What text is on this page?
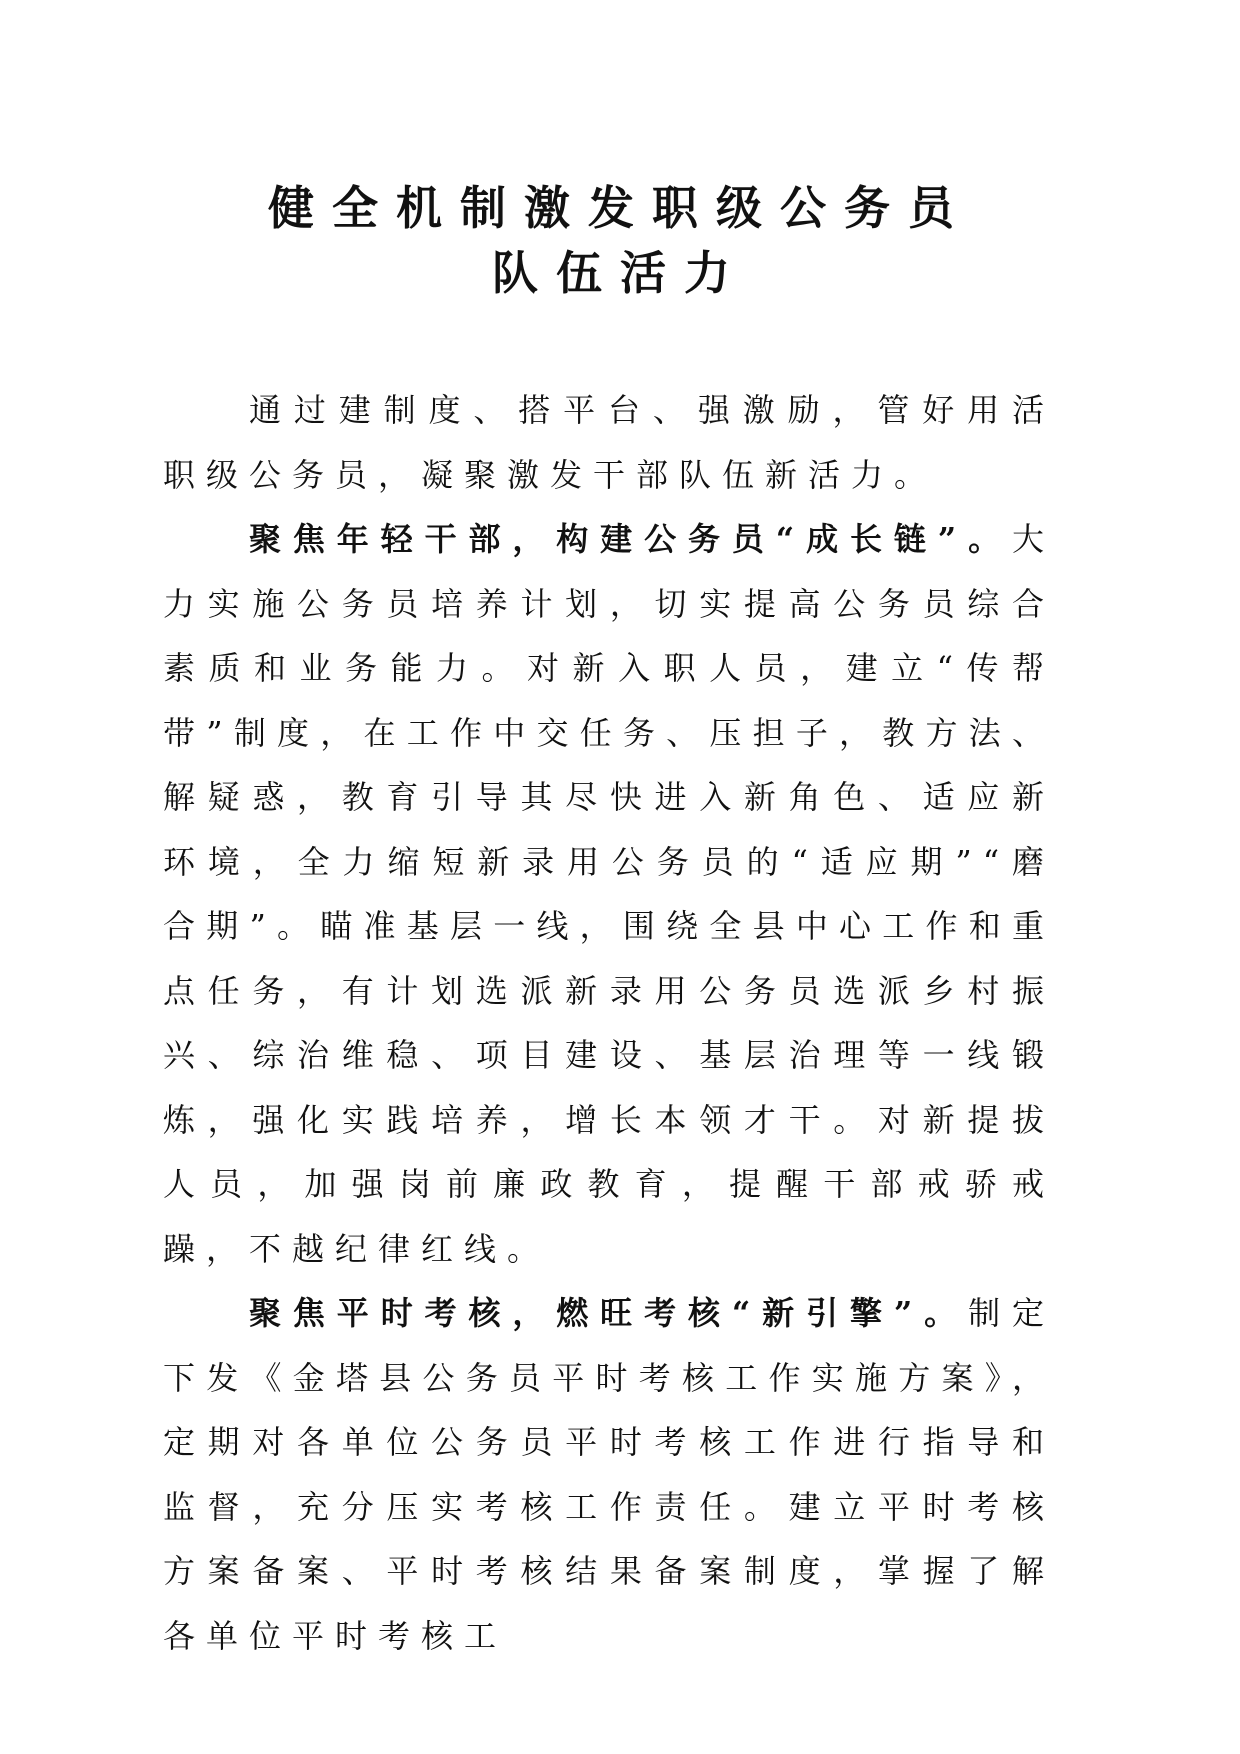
健全机制激发职级公务员
队伍活力

通过建制度、搭平台、强激励，管好用活职级公务员，凝聚激发干部队伍新活力。

聚焦年轻干部，构建公务员“成长链”。大力实施公务员培养计划，切实提高公务员综合素质和业务能力。对新入职人员，建立“传帮带”制度，在工作中交任务、压担子，教方法、解疑惑，教育引导其尽快进入新角色、适应新环境，全力缩短新录用公务员的“适应期”“磨合期”。瞄准基层一线，围绕全县中心工作和重点任务，有计划选派新录用公务员选派乡村振兴、综治维稳、项目建设、基层治理等一线锻炼，强化实践培养，增长本领才干。对新提拔人员，加强岗前廉政教育，提醒干部戒骄戒躁，不越纪律红线。

聚焦平时考核，燃旺考核“新引擎”。制定下发《金塔县公务员平时考核工作实施方案》，定期对各单位公务员平时考核工作进行指导和监督，充分压实考核工作责任。建立平时考核方案备案、平时考核结果备案制度，掌握了解各单位平时考核工
